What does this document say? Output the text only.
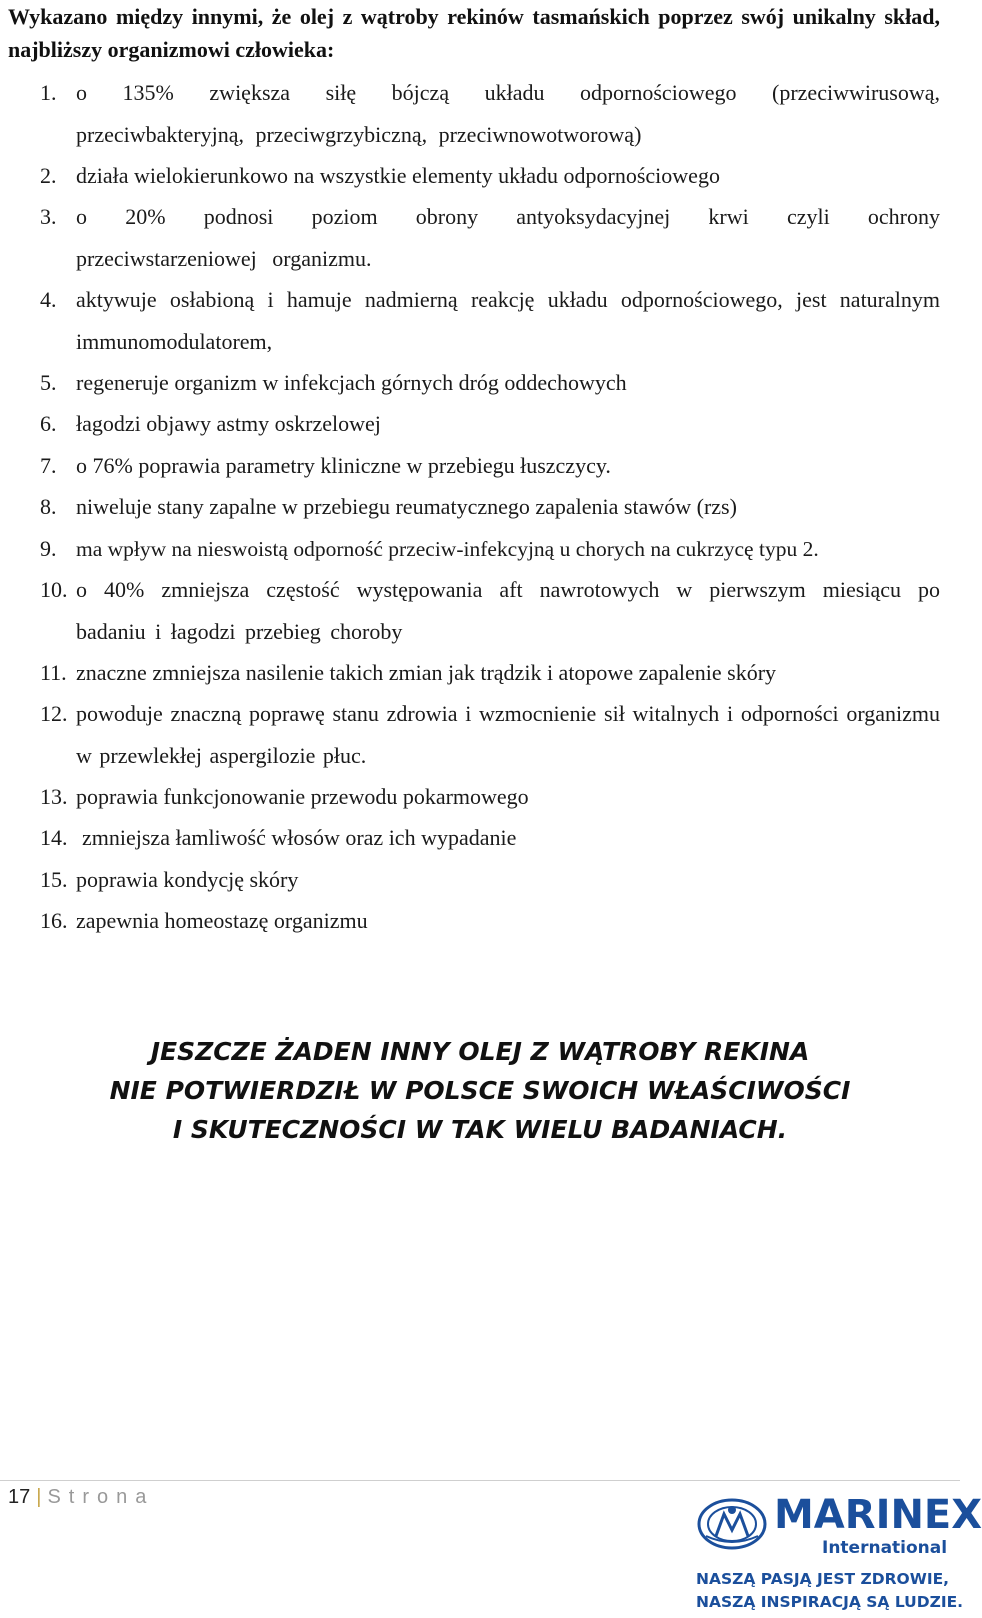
Wykazano między innymi, że olej z wątroby rekinów tasmańskich poprzez swój unikalny skład, najbliższy organizmowi człowieka:
1. o 135% zwiększa siłę bójczą układu odpornościowego (przeciwwirusową, przeciwbakteryjną, przeciwgrzybiczną, przeciwnowotworową)
2. działa wielokierunkowo na wszystkie elementy układu odpornościowego
3. o 20% podnosi poziom obrony antyoksydacyjnej krwi czyli ochrony przeciwstarzeniowej organizmu.
4. aktywuje osłabioną i hamuje nadmierną reakcję układu odpornościowego, jest naturalnym immunomodulatorem,
5. regeneruje organizm w infekcjach górnych dróg oddechowych
6. łagodzi objawy astmy oskrzelowej
7. o 76% poprawia parametry kliniczne w przebiegu łuszczycy.
8. niweluje stany zapalne w przebiegu reumatycznego zapalenia stawów (rzs)
9. ma wpływ na nieswoistą odporność przeciw-infekcyjną u chorych na cukrzycę typu 2.
10. o 40% zmniejsza częstość występowania aft nawrotowych w pierwszym miesiącu po badaniu i łagodzi przebieg choroby
11. znaczne zmniejsza nasilenie takich zmian jak trądzik i atopowe zapalenie skóry
12. powoduje znaczną poprawę stanu zdrowia i wzmocnienie sił witalnych i odporności organizmu w przewlekłej aspergilozie płuc.
13. poprawia funkcjonowanie przewodu pokarmowego
14. zmniejsza łamliwość włosów oraz ich wypadanie
15. poprawia kondycję skóry
16. zapewnia homeostazę organizmu
JESZCZE ŻADEN INNY OLEJ Z WĄTROBY REKINA
NIE POTWIERDZIŁ W POLSCE SWOICH WŁAŚCIWOŚCI
I SKUTECZNOŚCI W TAK WIELU BADANIACH.
17 | Strona	MARINEX
International
NASZĄ PASJĄ JEST ZDROWIE,
NASZĄ INSPIRACJĄ SĄ LUDZIE.
